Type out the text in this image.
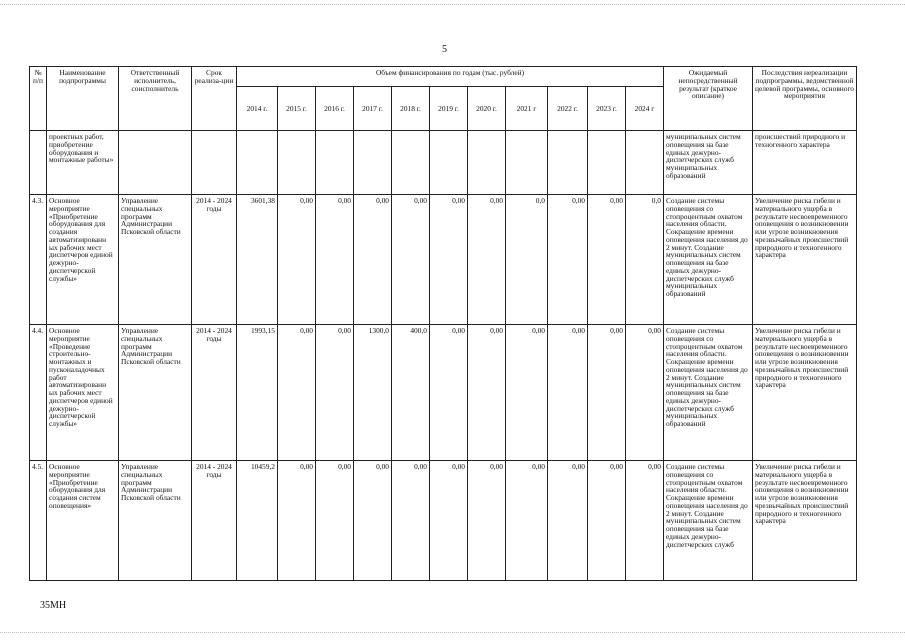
5
№ п/п	Наименование подпрограммы	Ответственный исполнитель, соисполнитель	Срок реализа-ции	Объем финансирования по годам (тыс. рублей)											Ожидаемый непосредственный результат (краткое описание)	Последствия нереализации подпрограммы, ведомственной целевой программы, основного мероприятия
				2014 г.	2015 г.	2016 г.	2017 г.	2018 г.	2019 г.	2020 г.	2021 г	2022 г.	2023 г.	2024 г		
	проектных работ, приобретение оборудования и монтажные работы»														муниципальных систем оповещения на базе единых дежурно-диспетчерских служб муниципальных образований	происшествий природного и техногенного характера
4.3.	Основное мероприятие «Приобретение оборудования для создания автоматизированн ых рабочих мест диспетчеров единой дежурно-диспетчерской службы»	Управление специальных программ Администрации Псковской области	2014 - 2024 годы	3601,38	0,00	0,00	0,00	0,00	0,00	0,00	0,0	0,00	0,00	0,0	Создание системы оповещения со стопроцентным охватом населения области. Сокращение времени оповещения населения до 2 минут. Создание муниципальных систем оповещения на базе единых дежурно-диспетчерских служб муниципальных образований	Увеличение риска гибели и материального ущерба в результате несвоевременного оповещения о возникновении или угрозе возникновения чрезвычайных происшествий природного и техногенного характера
4.4.	Основное мероприятие «Проведение строительно-монтажных и пусконаладочных работ автоматизированн ых рабочих мест диспетчеров единой дежурно-диспетчерской службы»	Управление специальных программ Администрации Псковской области	2014 - 2024 годы	1993,15	0,00	0,00	1300,0	400,0	0,00	0,00	0,00	0,00	0,00	0,00	Создание системы оповещения со стопроцентным охватом населения области. Сокращение времени оповещения населения до 2 минут. Создание муниципальных систем оповещения на базе единых дежурно-диспетчерских служб муниципальных образований	Увеличение риска гибели и материального ущерба в результате несвоевременного оповещения о возникновении или угрозе возникновения чрезвычайных происшествий природного и техногенного характера
4.5.	Основное мероприятие «Приобретение оборудования для создания систем оповещения»	Управление специальных программ Администрации Псковской области	2014 - 2024 годы	10459,2	0,00	0,00	0,00	0,00	0,00	0,00	0,00	0,00	0,00	0,00	Создание системы оповещения со стопроцентным охватом населения области. Сокращение времени оповещения населения до 2 минут. Создание муниципальных систем оповещения на базе единых дежурно-диспетчерских служб	Увеличение риска гибели и материального ущерба в результате несвоевременного оповещения о возникновении или угрозе возникновения чрезвычайных происшествий природного и техногенного характера
35МН
